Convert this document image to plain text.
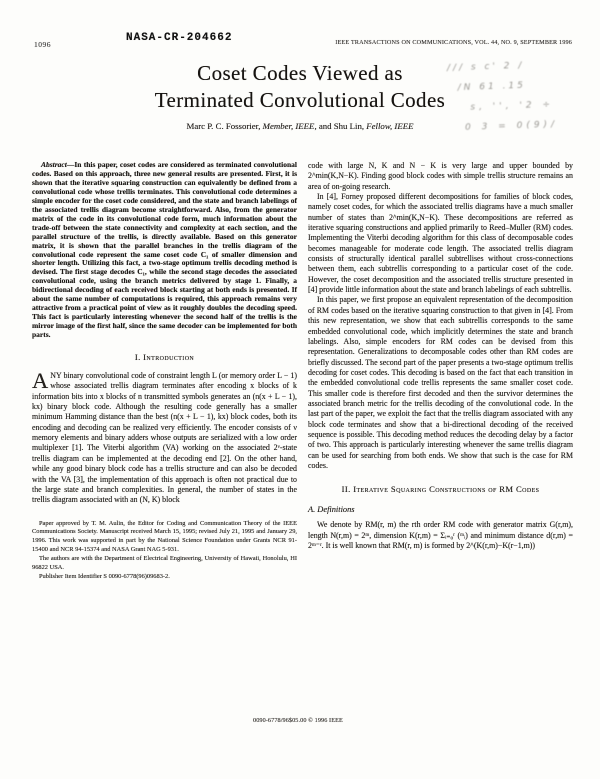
1096
NASA-CR-204662	IEEE TRANSACTIONS ON COMMUNICATIONS, VOL. 44, NO. 9, SEPTEMBER 1996
Coset Codes Viewed as
Terminated Convolutional Codes
Marc P. C. Fossorier, Member, IEEE, and Shu Lin, Fellow, IEEE
/// s c' 2 /
/N 61 .15
s, '', '2 ÷
0 3 = 0(9)/

Abstract—In this paper, coset codes are considered as terminated convolutional codes. Based on this approach, three new general results are presented. First, it is shown that the iterative squaring construction can equivalently be defined from a convolutional code whose trellis terminates. This convolutional code determines a simple encoder for the coset code considered, and the state and branch labelings of the associated trellis diagram become straightforward. Also, from the generator matrix of the code in its convolutional code form, much information about the trade-off between the state connectivity and complexity at each section, and the parallel structure of the trellis, is directly available. Based on this generator matrix, it is shown that the parallel branches in the trellis diagram of the convolutional code represent the same coset code C₁ of smaller dimension and shorter length. Utilizing this fact, a two-stage optimum trellis decoding method is devised. The first stage decodes C₁, while the second stage decodes the associated convolutional code, using the branch metrics delivered by stage 1. Finally, a bidirectional decoding of each received block starting at both ends is presented. If about the same number of computations is required, this approach remains very attractive from a practical point of view as it roughly doubles the decoding speed. This fact is particularly interesting whenever the second half of the trellis is the mirror image of the first half, since the same decoder can be implemented for both parts.

I. Introduction

ANY binary convolutional code of constraint length L (or memory order L − 1) whose associated trellis diagram terminates after encoding x blocks of k information bits into x blocks of n transmitted symbols generates an (n(x + L − 1), kx) binary block code. Although the resulting code generally has a smaller minimum Hamming distance than the best (n(x + L − 1), kx) block codes, both its encoding and decoding can be realized very efficiently. The encoder consists of ν memory elements and binary adders whose outputs are serialized with a low order multiplexer [1]. The Viterbi algorithm (VA) working on the associated 2ᵛ-state trellis diagram can be implemented at the decoding end [2]. On the other hand, while any good binary block code has a trellis structure and can also be decoded with the VA [3], the implementation of this approach is often not practical due to the large state and branch complexities. In general, the number of states in the trellis diagram associated with an (N, K) block

Paper approved by T. M. Aulin, the Editor for Coding and Communication Theory of the IEEE Communications Society. Manuscript received March 15, 1995; revised July 21, 1995 and January 29, 1996. This work was supported in part by the National Science Foundation under Grants NCR 91-15400 and NCR 94-15374 and NASA Grant NAG 5-931.

The authors are with the Department of Electrical Engineering, University of Hawaii, Honolulu, HI 96822 USA.

Publisher Item Identifier S 0090-6778(96)09683-2.

code with large N, K and N − K is very large and upper bounded by 2^min(K,N−K). Finding good block codes with simple trellis structure remains an area of on-going research.

In [4], Forney proposed different decompositions for families of block codes, namely coset codes, for which the associated trellis diagrams have a much smaller number of states than 2^min(K,N−K). These decompositions are referred as iterative squaring constructions and applied primarily to Reed–Muller (RM) codes. Implementing the Viterbi decoding algorithm for this class of decomposable codes becomes manageable for moderate code length. The associated trellis diagram consists of structurally identical parallel subtrellises without cross-connections between them, each subtrellis corresponding to a particular coset of the code. However, the coset decomposition and the associated trellis structure presented in [4] provide little information about the state and branch labelings of each subtrellis.

In this paper, we first propose an equivalent representation of the decomposition of RM codes based on the iterative squaring construction to that given in [4]. From this new representation, we show that each subtrellis corresponds to the same embedded convolutional code, which implicitly determines the state and branch labelings. Also, simple encoders for RM codes can be devised from this representation. Generalizations to decomposable codes other than RM codes are briefly discussed. The second part of the paper presents a two-stage optimum trellis decoding for coset codes. This decoding is based on the fact that each transition in the embedded convolutional code trellis represents the same smaller coset code. This smaller code is therefore first decoded and then the survivor determines the associated branch metric for the trellis decoding of the convolutional code. In the last part of the paper, we exploit the fact that the trellis diagram associated with any block code terminates and show that a bi-directional decoding of the received sequence is possible. This decoding method reduces the decoding delay by a factor of two. This approach is particularly interesting whenever the same trellis diagram can be used for searching from both ends. We show that such is the case for RM codes.

II. Iterative Squaring Constructions of RM Codes
A. Definitions

We denote by RM(r, m) the rth order RM code with generator matrix G(r,m), length N(r,m) = 2ᵐ, dimension K(r,m) = Σᵢ₌₀ʳ (ᵐᵢ) and minimum distance d(r,m) = 2ᵐ⁻ʳ. It is well known that RM(r, m) is formed by 2^(K(r,m)−K(r−1,m))

0090-6778/96$05.00 © 1996 IEEE
